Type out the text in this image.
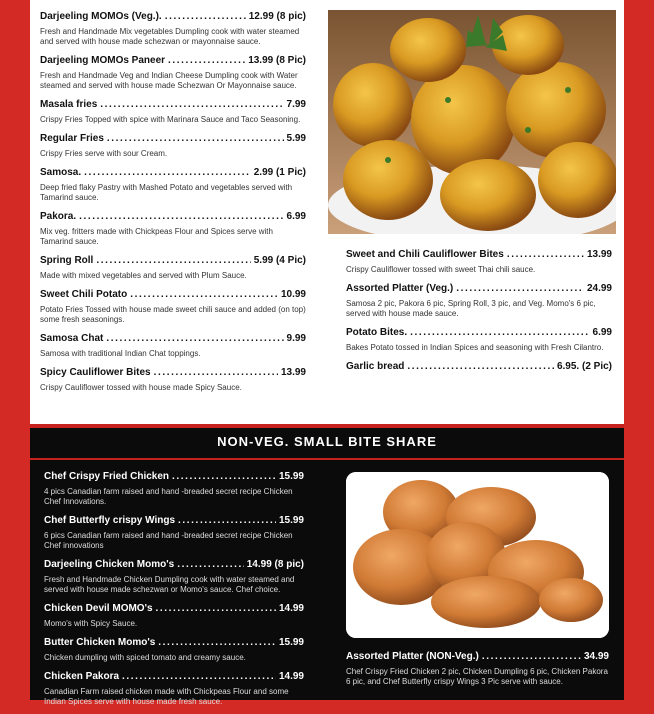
Darjeeling MOMOs (Veg.). .....	12.99 (8 pic)
Fresh and Handmade Mix vegetables Dumpling cook with water steamed and served with house made schezwan or mayonnaise sauce.
Darjeeling MOMOs Paneer .....	13.99 (8 Pic)
Fresh and Handmade Veg and Indian Cheese Dumpling cook with Water steamed and served with house made Schezwan Or Mayonnaise sauce.
Masala fries .....	7.99
Crispy Fries Topped with spice with Marinara Sauce and Taco Seasoning.
Regular Fries .....	5.99
Crispy Fries serve with sour Cream.
Samosa. .....	2.99 (1 Pic)
Deep fried flaky Pastry with Mashed Potato and vegetables served with Tamarind sauce.
Pakora. .....	6.99
Mix veg. fritters made with Chickpeas Flour and Spices serve with Tamarind sauce.
Spring Roll .....	5.99 (4 Pic)
Made with mixed vegetables and served with Plum Sauce.
Sweet Chili Potato .....	10.99
Potato Fries Tossed with house made sweet chili sauce and added (on top) some fresh seasonings.
Samosa Chat .....	9.99
Samosa with traditional Indian Chat toppings.
Spicy Cauliflower Bites .....	13.99
Crispy Cauliflower tossed with house made Spicy Sauce.
Sweet and Chili Cauliflower Bites .....	13.99
Crispy Cauliflower tossed with sweet Thai chili sauce.
Assorted Platter (Veg.) .....	24.99
Samosa 2 pic, Pakora 6 pic, Spring Roll, 3 pic, and Veg. Momo's 6 pic, served with house made sauce.
Potato Bites. .....	6.99
Bakes Potato tossed in Indian Spices and seasoning with Fresh Cilantro.
Garlic bread .....	6.95. (2 Pic)
NON-VEG. SMALL BITE SHARE
Chef Crispy Fried Chicken .....	15.99
4 pics Canadian farm raised and hand -breaded secret recipe Chicken Chef Innovations.
Chef Butterfly crispy Wings .....	15.99
6 pics Canadian farm raised and hand -breaded secret recipe Chicken Chef innovations
Darjeeling Chicken Momo's .....	14.99 (8 pic)
Fresh and Handmade Chicken Dumpling cook with water steamed and served with house made schezwan or Momo's sauce. Chef choice.
Chicken Devil MOMO's .....	14.99
Momo's with Spicy Sauce.
Butter Chicken Momo's .....	15.99
Chicken dumpling with spiced tomato and creamy sauce.
Chicken Pakora .....	14.99
Canadian Farm raised chicken made with Chickpeas Flour and some Indian Spices serve with house made fresh sauce.
Assorted Platter (NON-Veg.) .....	34.99
Chef Crispy Fried Chicken 2 pic, Chicken Dumpling 6 pic, Chicken Pakora 6 pic, and Chef Butterfly crispy Wings 3 Pic serve with sauce.
